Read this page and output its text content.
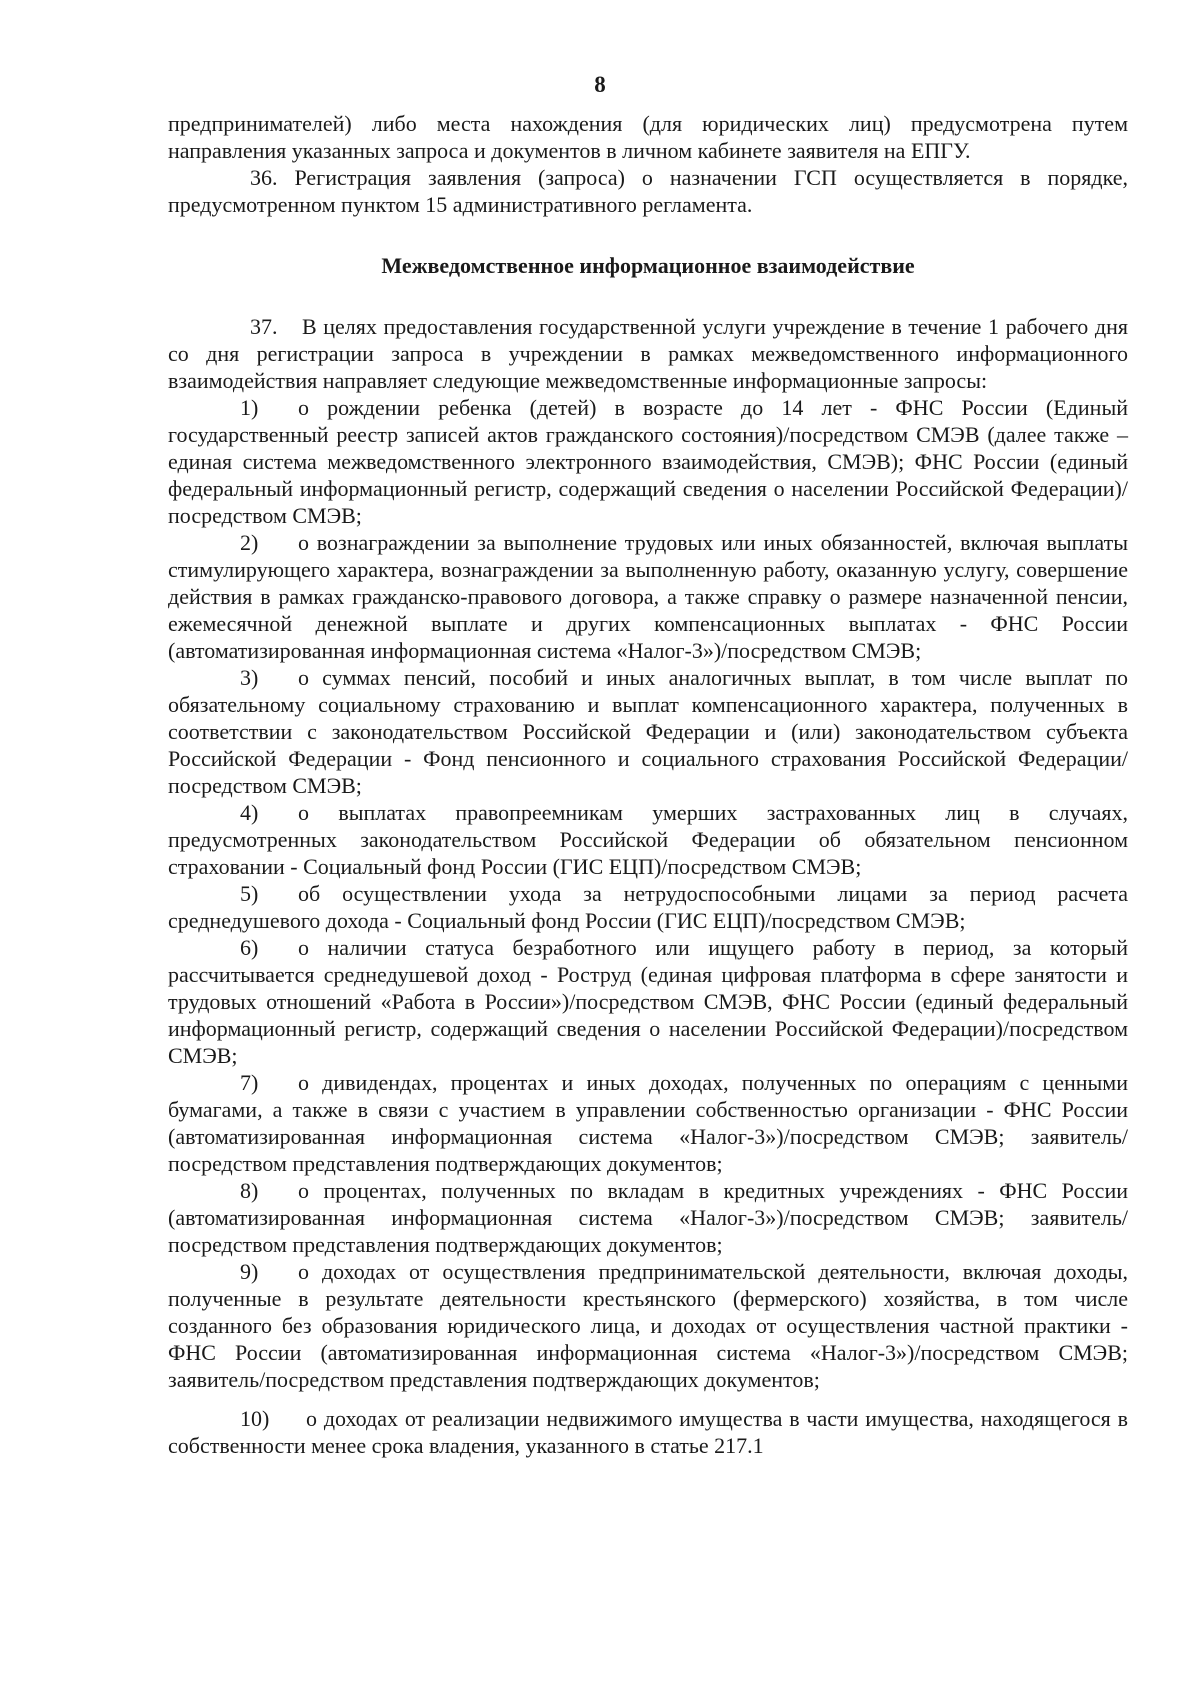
8

предпринимателей) либо места нахождения (для юридических лиц) предусмотрена путем направления указанных запроса и документов в личном кабинете заявителя на ЕПГУ.

36. Регистрация заявления (запроса) о назначении ГСП осуществляется в порядке, предусмотренном пунктом 15 административного регламента.

Межведомственное информационное взаимодействие

37. В целях предоставления государственной услуги учреждение в течение 1 рабочего дня со дня регистрации запроса в учреждении в рамках межведомственного информационного взаимодействия направляет следующие межведомственные информационные запросы:

1) о рождении ребенка (детей) в возрасте до 14 лет - ФНС России (Единый государственный реестр записей актов гражданского состояния)/посредством СМЭВ (далее также – единая система межведомственного электронного взаимодействия, СМЭВ); ФНС России (единый федеральный информационный регистр, содержащий сведения о населении Российской Федерации)/посредством СМЭВ;

2) о вознаграждении за выполнение трудовых или иных обязанностей, включая выплаты стимулирующего характера, вознаграждении за выполненную работу, оказанную услугу, совершение действия в рамках гражданско-правового договора, а также справку о размере назначенной пенсии, ежемесячной денежной выплате и других компенсационных выплатах - ФНС России (автоматизированная информационная система «Налог-3»)/посредством СМЭВ;

3) о суммах пенсий, пособий и иных аналогичных выплат, в том числе выплат по обязательному социальному страхованию и выплат компенсационного характера, полученных в соответствии с законодательством Российской Федерации и (или) законодательством субъекта Российской Федерации - Фонд пенсионного и социального страхования Российской Федерации/посредством СМЭВ;

4) о выплатах правопреемникам умерших застрахованных лиц в случаях, предусмотренных законодательством Российской Федерации об обязательном пенсионном страховании - Социальный фонд России (ГИС ЕЦП)/посредством СМЭВ;

5) об осуществлении ухода за нетрудоспособными лицами за период расчета среднедушевого дохода - Социальный фонд России (ГИС ЕЦП)/посредством СМЭВ;

6) о наличии статуса безработного или ищущего работу в период, за который рассчитывается среднедушевой доход - Роструд (единая цифровая платформа в сфере занятости и трудовых отношений «Работа в России»)/посредством СМЭВ, ФНС России (единый федеральный информационный регистр, содержащий сведения о населении Российской Федерации)/посредством СМЭВ;

7) о дивидендах, процентах и иных доходах, полученных по операциям с ценными бумагами, а также в связи с участием в управлении собственностью организации - ФНС России (автоматизированная информационная система «Налог-3»)/посредством СМЭВ; заявитель/посредством представления подтверждающих документов;

8) о процентах, полученных по вкладам в кредитных учреждениях - ФНС России (автоматизированная информационная система «Налог-3»)/посредством СМЭВ; заявитель/посредством представления подтверждающих документов;

9) о доходах от осуществления предпринимательской деятельности, включая доходы, полученные в результате деятельности крестьянского (фермерского) хозяйства, в том числе созданного без образования юридического лица, и доходах от осуществления частной практики - ФНС России (автоматизированная информационная система «Налог-3»)/посредством СМЭВ; заявитель/посредством представления подтверждающих документов;

10) о доходах от реализации недвижимого имущества в части имущества, находящегося в собственности менее срока владения, указанного в статье 217.1
